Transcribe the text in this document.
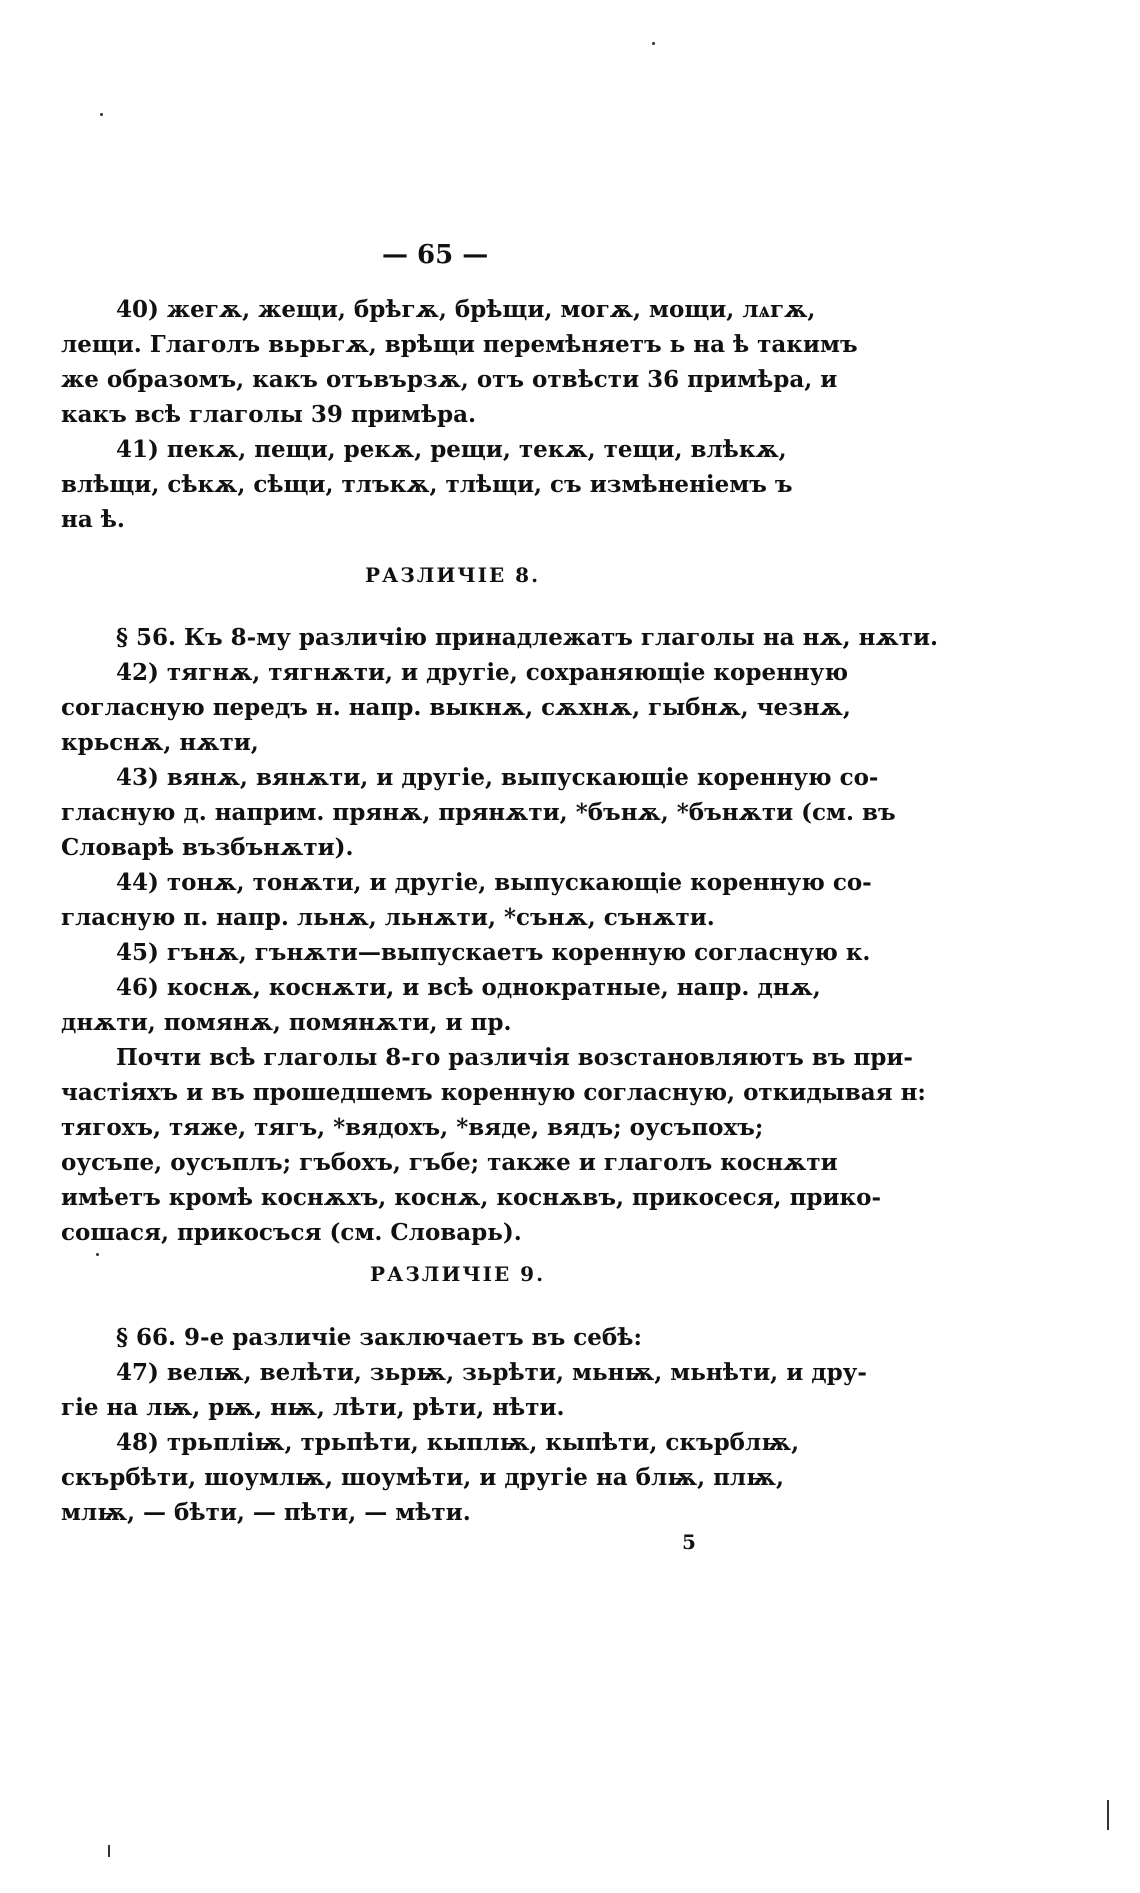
— 65 —
40) жегѫ, жещи, брѣгѫ, брѣщи, могѫ, мощи, лѧгѫ,
лещи. Глаголъ вьрьгѫ, врѣщи перемѣняетъ ь на ѣ такимъ
же образомъ, какъ отъвързѫ, отъ отвѣсти 36 примѣра, и
какъ всѣ глаголы 39 примѣра.
41) пекѫ, пещи, рекѫ, рещи, текѫ, тещи, влѣкѫ,
влѣщи, сѣкѫ, сѣщи, тлъкѫ, тлѣщи, съ измѣненіемъ ъ
на ѣ.
РАЗЛИЧІЕ 8.
§ 56. Къ 8-му различію принадлежатъ глаголы на нѫ, нѫти.
42) тягнѫ, тягнѫти, и другіе, сохраняющіе коренную
согласную передъ н. напр. выкнѫ, сѫхнѫ, гыбнѫ, чезнѫ,
крьснѫ, нѫти,
43) вянѫ, вянѫти, и другіе, выпускающіе коренную со-
гласную д. наприм. прянѫ, прянѫти, *бънѫ, *бънѫти (см. въ
Словарѣ възбънѫти).
44) тонѫ, тонѫти, и другіе, выпускающіе коренную со-
гласную п. напр. льнѫ, льнѫти, *сънѫ, сънѫти.
45) гънѫ, гънѫти—выпускаетъ коренную согласную к.
46) коснѫ, коснѫти, и всѣ однократные, напр. днѫ,
днѫти, помянѫ, помянѫти, и пр.
Почти всѣ глаголы 8-го различія возстановляютъ въ при-
частіяхъ и въ прошедшемъ коренную согласную, откидывая н:
тягохъ, тяже, тягъ, *вядохъ, *вяде, вядъ; оусъпохъ;
оусъпе, оусъплъ; гъбохъ, гъбе; также и глаголъ коснѫти
имѣетъ кромѣ коснѫхъ, коснѫ, коснѫвъ, прикосеся, прико-
сошася, прикосъся (см. Словарь).
РАЗЛИЧІЕ 9.
§ 66. 9-е различіе заключаетъ въ себѣ:
47) велѭ, велѣти, зьрѭ, зьрѣти, мьнѭ, мьнѣти, и дру-
гіе на лѭ, рѭ, нѭ, лѣти, рѣти, нѣти.
48) трьпліѭ, трьпѣти, кыплѭ, кыпѣти, скърблѭ,
скърбѣти, шоумлѭ, шоумѣти, и другіе на блѭ, плѭ,
млѭ, — бѣти, — пѣти, — мѣти.
5
